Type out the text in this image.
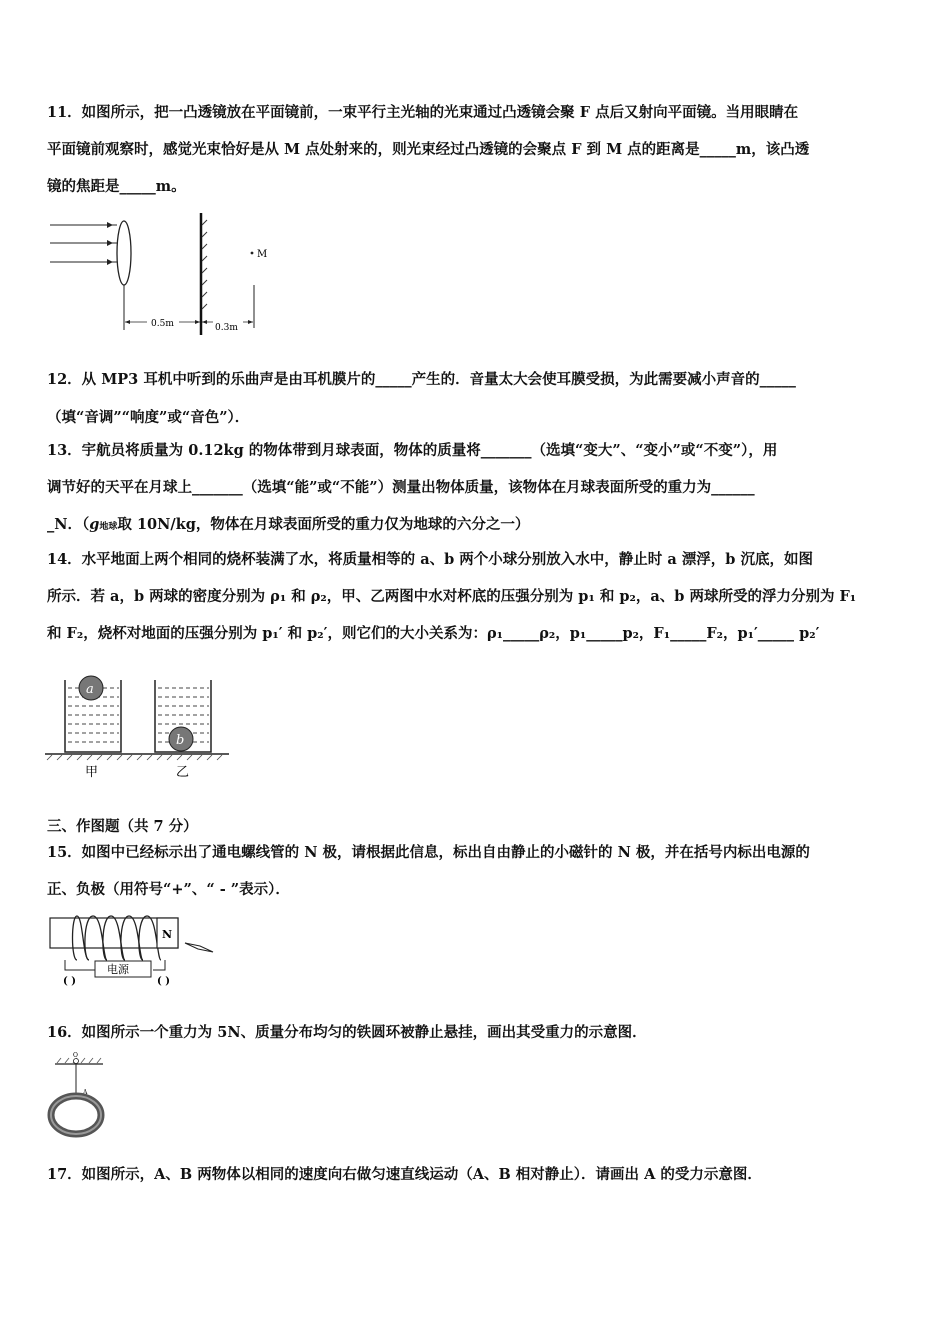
11．如图所示，把一凸透镜放在平面镜前，一束平行主光轴的光束通过凸透镜会聚 F 点后又射向平面镜。当用眼睛在
平面镜前观察时，感觉光束恰好是从 M 点处射来的，则光束经过凸透镜的会聚点 F 到 M 点的距离是_____m，该凸透
镜的焦距是_____m。
M
0.5m	0.3m
12．从 MP3 耳机中听到的乐曲声是由耳机膜片的_____产生的．音量太大会使耳膜受损，为此需要减小声音的_____
（填“音调”“响度”或“音色”）．
13．宇航员将质量为 0.12kg 的物体带到月球表面，物体的质量将_______（选填“变大”、“变小”或“不变”），用
调节好的天平在月球上_______（选填“能”或“不能”）测量出物体质量，该物体在月球表面所受的重力为______
_N．（g地球取 10N/kg，物体在月球表面所受的重力仅为地球的六分之一）
14．水平地面上两个相同的烧杯装满了水，将质量相等的 a、b 两个小球分别放入水中，静止时 a 漂浮，b 沉底，如图
所示．若 a，b 两球的密度分别为 ρ₁ 和 ρ₂，甲、乙两图中水对杯底的压强分别为 p₁ 和 p₂，a、b 两球所受的浮力分别为 F₁
和 F₂，烧杯对地面的压强分别为 p₁′ 和 p₂′，则它们的大小关系为：ρ₁_____ρ₂，p₁_____p₂，F₁_____F₂，p₁′_____ p₂′
a
b
甲	乙
三、作图题（共 7 分）
15．如图中已经标示出了通电螺线管的 N 极，请根据此信息，标出自由静止的小磁针的 N 极，并在括号内标出电源的
正、负极（用符号“+”、“ - ”表示）．
N
电源
( )	( )
16．如图所示一个重力为 5N、质量分布均匀的铁圆环被静止悬挂，画出其受重力的示意图．
O
A
17．如图所示，A、B 两物体以相同的速度向右做匀速直线运动（A、B 相对静止）．请画出 A 的受力示意图．
